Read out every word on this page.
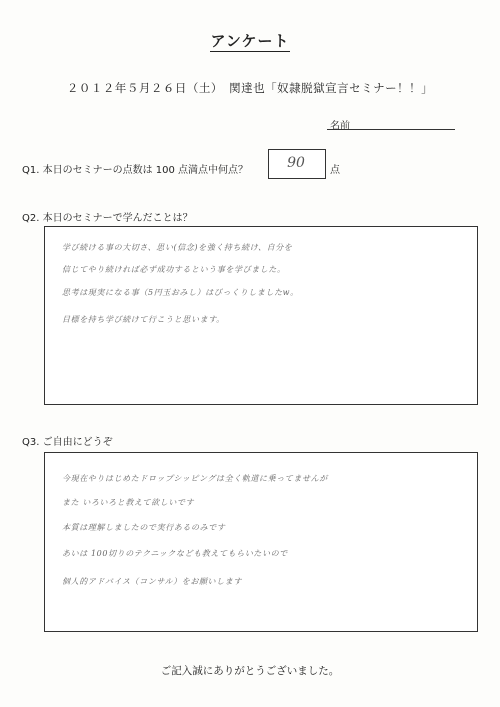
アンケート
２０１２年５月２６日（土）　関達也「奴隷脱獄宣言セミナー！！」
名前
Q1. 本日のセミナーの点数は 100 点満点中何点？	90	点
Q2. 本日のセミナーで学んだことは？
学び続ける事の大切さ、思い(信念)を強く持ち続け、自分を
信じてやり続ければ必ず成功するという事を学びました。
思考は現実になる事（5円玉おみし）はびっくりしましたw。
目標を持ち学び続けて行こうと思います。
Q3. ご自由にどうぞ
今現在やりはじめたドロップシッピングは全く軌道に乗ってませんが
また いろいろと教えて欲しいです
本質は理解しましたので実行あるのみです
あいは 100切りのテクニックなども教えてもらいたいので
個人的アドバイス（コンサル）をお願いします
ご記入誠にありがとうございました。
